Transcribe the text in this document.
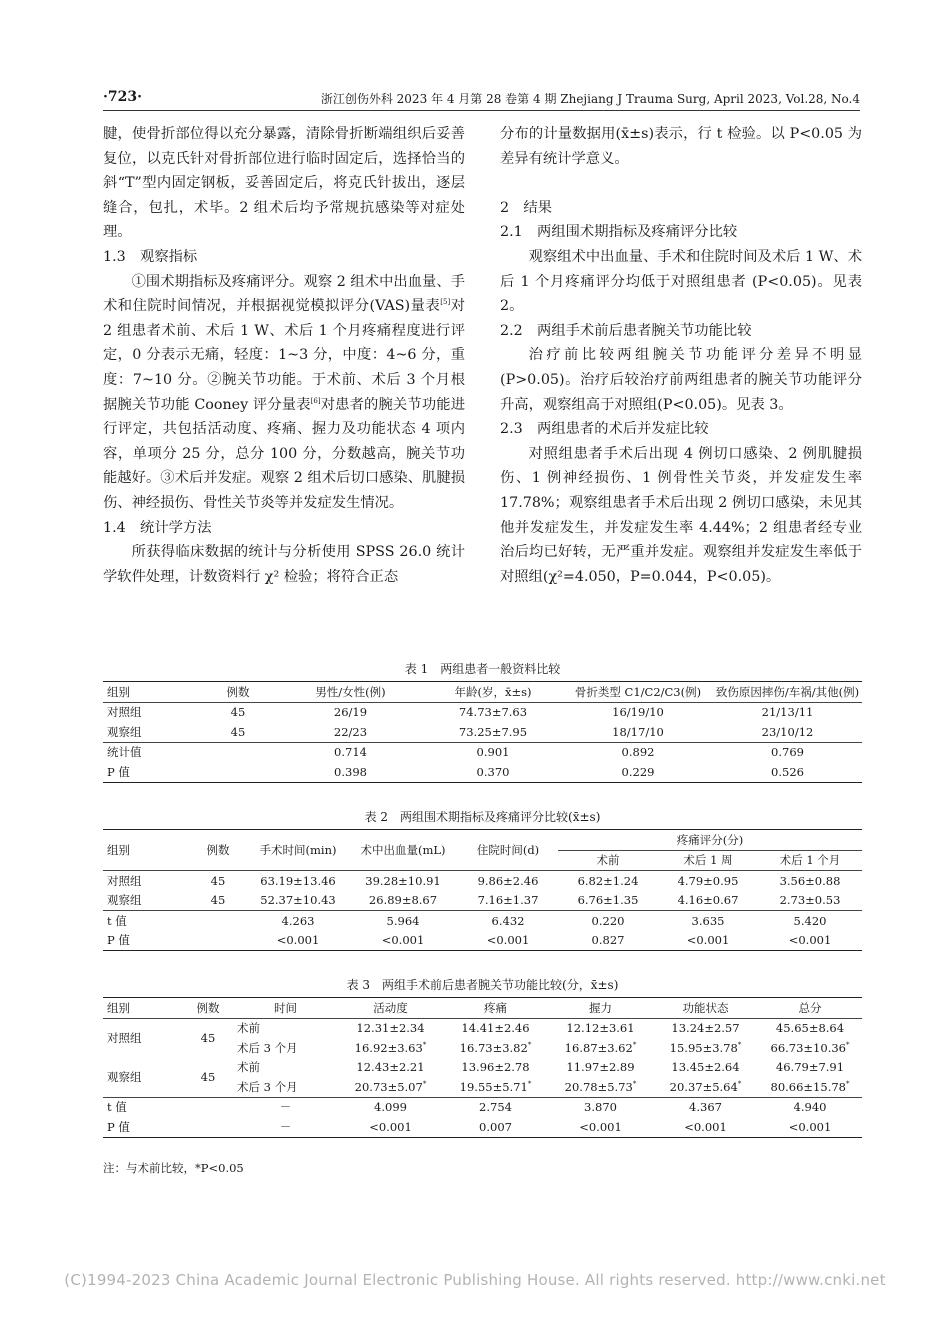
·723·	浙江创伤外科 2023 年 4 月第 28 卷第 4 期 Zhejiang J Trauma Surg, April 2023, Vol.28, No.4

腱，使骨折部位得以充分暴露，清除骨折断端组织后妥善复位，以克氏针对骨折部位进行临时固定后，选择恰当的斜“T”型内固定钢板，妥善固定后，将克氏针拔出，逐层缝合，包扎，术毕。2 组术后均予常规抗感染等对症处理。

1.3　观察指标

①围术期指标及疼痛评分。观察 2 组术中出血量、手术和住院时间情况，并根据视觉模拟评分(VAS)量表[5]对 2 组患者术前、术后 1 W、术后 1 个月疼痛程度进行评定，0 分表示无痛，轻度：1~3 分，中度：4~6 分，重度：7~10 分。②腕关节功能。于术前、术后 3 个月根据腕关节功能 Cooney 评分量表[6]对患者的腕关节功能进行评定，共包括活动度、疼痛、握力及功能状态 4 项内容，单项分 25 分，总分 100 分，分数越高，腕关节功能越好。③术后并发症。观察 2 组术后切口感染、肌腱损伤、神经损伤、骨性关节炎等并发症发生情况。

1.4　统计学方法

所获得临床数据的统计与分析使用 SPSS 26.0 统计学软件处理，计数资料行 χ² 检验；将符合正态

分布的计量数据用(x̄±s)表示，行 t 检验。以 P<0.05 为差异有统计学意义。

2　结果

2.1　两组围术期指标及疼痛评分比较

观察组术中出血量、手术和住院时间及术后 1 W、术后 1 个月疼痛评分均低于对照组患者 (P<0.05)。见表 2。

2.2　两组手术前后患者腕关节功能比较

治疗前比较两组腕关节功能评分差异不明显(P>0.05)。治疗后较治疗前两组患者的腕关节功能评分升高，观察组高于对照组(P<0.05)。见表 3。

2.3　两组患者的术后并发症比较

对照组患者手术后出现 4 例切口感染、2 例肌腱损伤、1 例神经损伤、1 例骨性关节炎，并发症发生率 17.78%；观察组患者手术后出现 2 例切口感染，未见其他并发症发生，并发症发生率 4.44%；2 组患者经专业治后均已好转，无严重并发症。观察组并发症发生率低于对照组(χ²=4.050，P=0.044，P<0.05)。

表 1　两组患者一般资料比较
组别	例数	男性/女性(例)	年龄(岁，x̄±s)	骨折类型 C1/C2/C3(例)	致伤原因摔伤/车祸/其他(例)
对照组	45	26/19	74.73±7.63	16/19/10	21/13/11
观察组	45	22/23	73.25±7.95	18/17/10	23/10/12
统计值		0.714	0.901	0.892	0.769
P 值		0.398	0.370	0.229	0.526
表 2　两组围术期指标及疼痛评分比较(x̄±s)
组别	例数	手术时间(min)	术中出血量(mL)	住院时间(d)	疼痛评分(分)		
					术前	术后 1 周	术后 1 个月
对照组	45	63.19±13.46	39.28±10.91	9.86±2.46	6.82±1.24	4.79±0.95	3.56±0.88
观察组	45	52.37±10.43	26.89±8.67	7.16±1.37	6.76±1.35	4.16±0.67	2.73±0.53
t 值		4.263	5.964	6.432	0.220	3.635	5.420
P 值		<0.001	<0.001	<0.001	0.827	<0.001	<0.001
表 3　两组手术前后患者腕关节功能比较(分，x̄±s)
组别	例数	时间	活动度	疼痛	握力	功能状态	总分
对照组	45	术前	12.31±2.34	14.41±2.46	12.12±3.61	13.24±2.57	45.65±8.64
		术后 3 个月	16.92±3.63*	16.73±3.82*	16.87±3.62*	15.95±3.78*	66.73±10.36*
观察组	45	术前	12.43±2.21	13.96±2.78	11.97±2.89	13.45±2.64	46.79±7.91
		术后 3 个月	20.73±5.07*	19.55±5.71*	20.78±5.73*	20.37±5.64*	80.66±15.78*
t 值		－	4.099	2.754	3.870	4.367	4.940
P 值		－	<0.001	0.007	<0.001	<0.001	<0.001
注：与术前比较，*P<0.05
(C)1994-2023 China Academic Journal Electronic Publishing House. All rights reserved. http://www.cnki.net
